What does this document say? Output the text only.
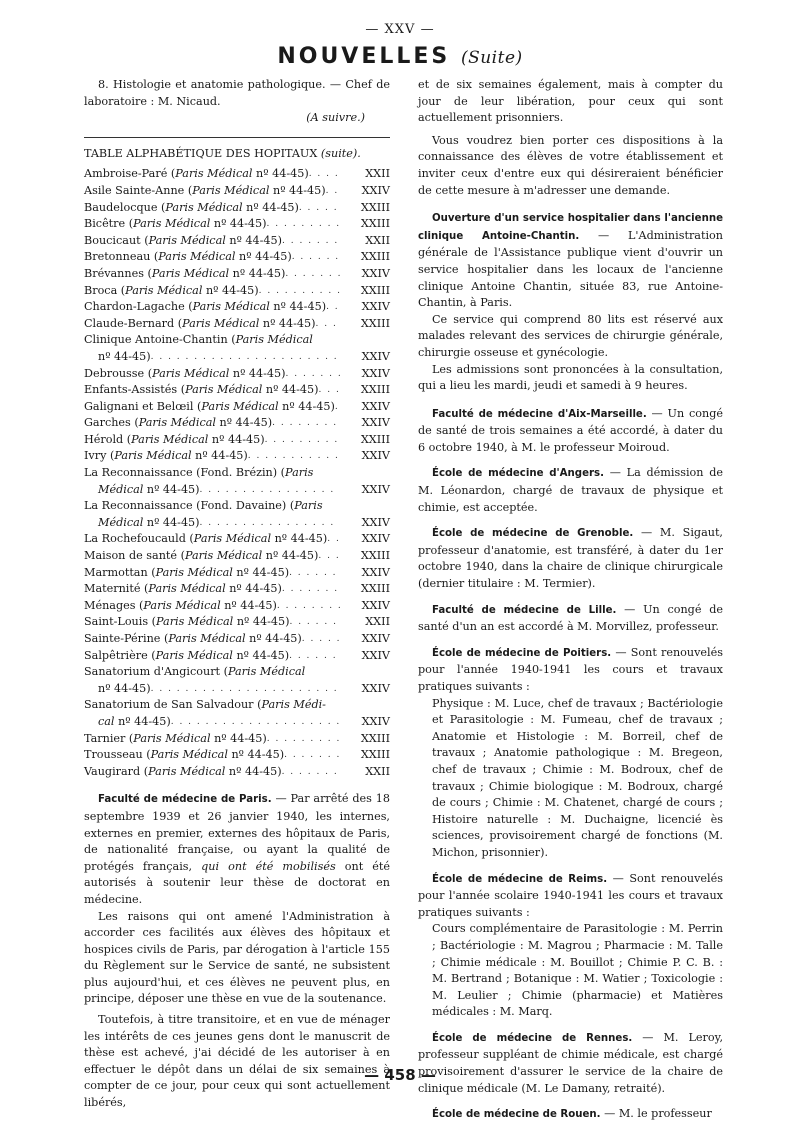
— XXV —
NOUVELLES (Suite)

8. Histologie et anatomie pathologique. — Chef de laboratoire : M. Nicaud.

(A suivre.)

TABLE ALPHABÉTIQUE DES HOPITAUX (suite).
Ambroise-Paré (Paris Médical nº 44-45) . . .	XXII
Asile Sainte-Anne (Paris Médical nº 44-45) . . .	XXIV
Baudelocque (Paris Médical nº 44-45) . . .	XXIII
Bicêtre (Paris Médical nº 44-45) . . .	XXIII
Boucicaut (Paris Médical nº 44-45) . . .	XXII
Bretonneau (Paris Médical nº 44-45) . . .	XXIII
Brévannes (Paris Médical nº 44-45) . . .	XXIV
Broca (Paris Médical nº 44-45) . . .	XXIII
Chardon-Lagache (Paris Médical nº 44-45) . . .	XXIV
Claude-Bernard (Paris Médical nº 44-45) . . .	XXIII
Clinique Antoine-Chantin (Paris Médical
nº 44-45) . . .	XXIV
Debrousse (Paris Médical nº 44-45) . . .	XXIV
Enfants-Assistés (Paris Médical nº 44-45) . . .	XXIII
Galignani et Belœil (Paris Médical nº 44-45) . . .	XXIV
Garches (Paris Médical nº 44-45) . . .	XXIV
Hérold (Paris Médical nº 44-45) . . .	XXIII
Ivry (Paris Médical nº 44-45) . . .	XXIV
La Reconnaissance (Fond. Brézin) (Paris
Médical nº 44-45) . . .	XXIV
La Reconnaissance (Fond. Davaine) (Paris
Médical nº 44-45) . . .	XXIV
La Rochefoucauld (Paris Médical nº 44-45) . . .	XXIV
Maison de santé (Paris Médical nº 44-45) . . .	XXIII
Marmottan (Paris Médical nº 44-45) . . .	XXIV
Maternité (Paris Médical nº 44-45) . . .	XXIII
Ménages (Paris Médical nº 44-45) . . .	XXIV
Saint-Louis (Paris Médical nº 44-45) . . .	XXII
Sainte-Périne (Paris Médical nº 44-45) . . .	XXIV
Salpêtrière (Paris Médical nº 44-45) . . .	XXIV
Sanatorium d'Angicourt (Paris Médical
nº 44-45) . . .	XXIV
Sanatorium de San Salvadour (Paris Médi-
cal nº 44-45) . . .	XXIV
Tarnier (Paris Médical nº 44-45) . . .	XXIII
Trousseau (Paris Médical nº 44-45) . . .	XXIII
Vaugirard (Paris Médical nº 44-45) . . .	XXII

Faculté de médecine de Paris. — Par arrêté des 18 septembre 1939 et 26 janvier 1940, les internes, externes en premier, externes des hôpitaux de Paris, de nationalité française, ou ayant la qualité de protégés français, qui ont été mobilisés ont été autorisés à soutenir leur thèse de doctorat en médecine.

Les raisons qui ont amené l'Administration à accorder ces facilités aux élèves des hôpitaux et hospices civils de Paris, par dérogation à l'article 155 du Règlement sur le Service de santé, ne subsistent plus aujourd'hui, et ces élèves ne peuvent plus, en principe, déposer une thèse en vue de la soutenance.

Toutefois, à titre transitoire, et en vue de ménager les intérêts de ces jeunes gens dont le manuscrit de thèse est achevé, j'ai décidé de les autoriser à en effectuer le dépôt dans un délai de six semaines à compter de ce jour, pour ceux qui sont actuellement libérés,

et de six semaines également, mais à compter du jour de leur libération, pour ceux qui sont actuellement prisonniers.

Vous voudrez bien porter ces dispositions à la connaissance des élèves de votre établissement et inviter ceux d'entre eux qui désireraient bénéficier de cette mesure à m'adresser une demande.

Ouverture d'un service hospitalier dans l'ancienne clinique Antoine-Chantin. — L'Administration générale de l'Assistance publique vient d'ouvrir un service hospitalier dans les locaux de l'ancienne clinique Antoine Chantin, située 83, rue Antoine-Chantin, à Paris.

Ce service qui comprend 80 lits est réservé aux malades relevant des services de chirurgie générale, chirurgie osseuse et gynécologie.

Les admissions sont prononcées à la consultation, qui a lieu les mardi, jeudi et samedi à 9 heures.

Faculté de médecine d'Aix-Marseille. — Un congé de santé de trois semaines a été accordé, à dater du 6 octobre 1940, à M. le professeur Moiroud.

École de médecine d'Angers. — La démission de M. Léonardon, chargé de travaux de physique et chimie, est acceptée.

École de médecine de Grenoble. — M. Sigaut, professeur d'anatomie, est transféré, à dater du 1er octobre 1940, dans la chaire de clinique chirurgicale (dernier titulaire : M. Termier).

Faculté de médecine de Lille. — Un congé de santé d'un an est accordé à M. Morvillez, professeur.

École de médecine de Poitiers. — Sont renouvelés pour l'année 1940-1941 les cours et travaux pratiques suivants :

Physique : M. Luce, chef de travaux ; Bactériologie et Parasitologie : M. Fumeau, chef de travaux ; Anatomie et Histologie : M. Borreil, chef de travaux ; Anatomie pathologique : M. Bregeon, chef de travaux ; Chimie : M. Bodroux, chef de travaux ; Chimie biologique : M. Bodroux, chargé de cours ; Chimie : M. Chatenet, chargé de cours ; Histoire naturelle : M. Duchaigne, licencié ès sciences, provisoirement chargé de fonctions (M. Michon, prisonnier).

École de médecine de Reims. — Sont renouvelés pour l'année scolaire 1940-1941 les cours et travaux pratiques suivants :

Cours complémentaire de Parasitologie : M. Perrin ; Bactériologie : M. Magrou ; Pharmacie : M. Talle ; Chimie médicale : M. Bouillot ; Chimie P. C. B. : M. Bertrand ; Botanique : M. Watier ; Toxicologie : M. Leulier ; Chimie (pharmacie) et Matières médicales : M. Marq.

École de médecine de Rennes. — M. Leroy, professeur suppléant de chimie médicale, est chargé provisoirement d'assurer le service de la chaire de clinique médicale (M. Le Damany, retraité).

École de médecine de Rouen. — M. le professeur

— 458 —
